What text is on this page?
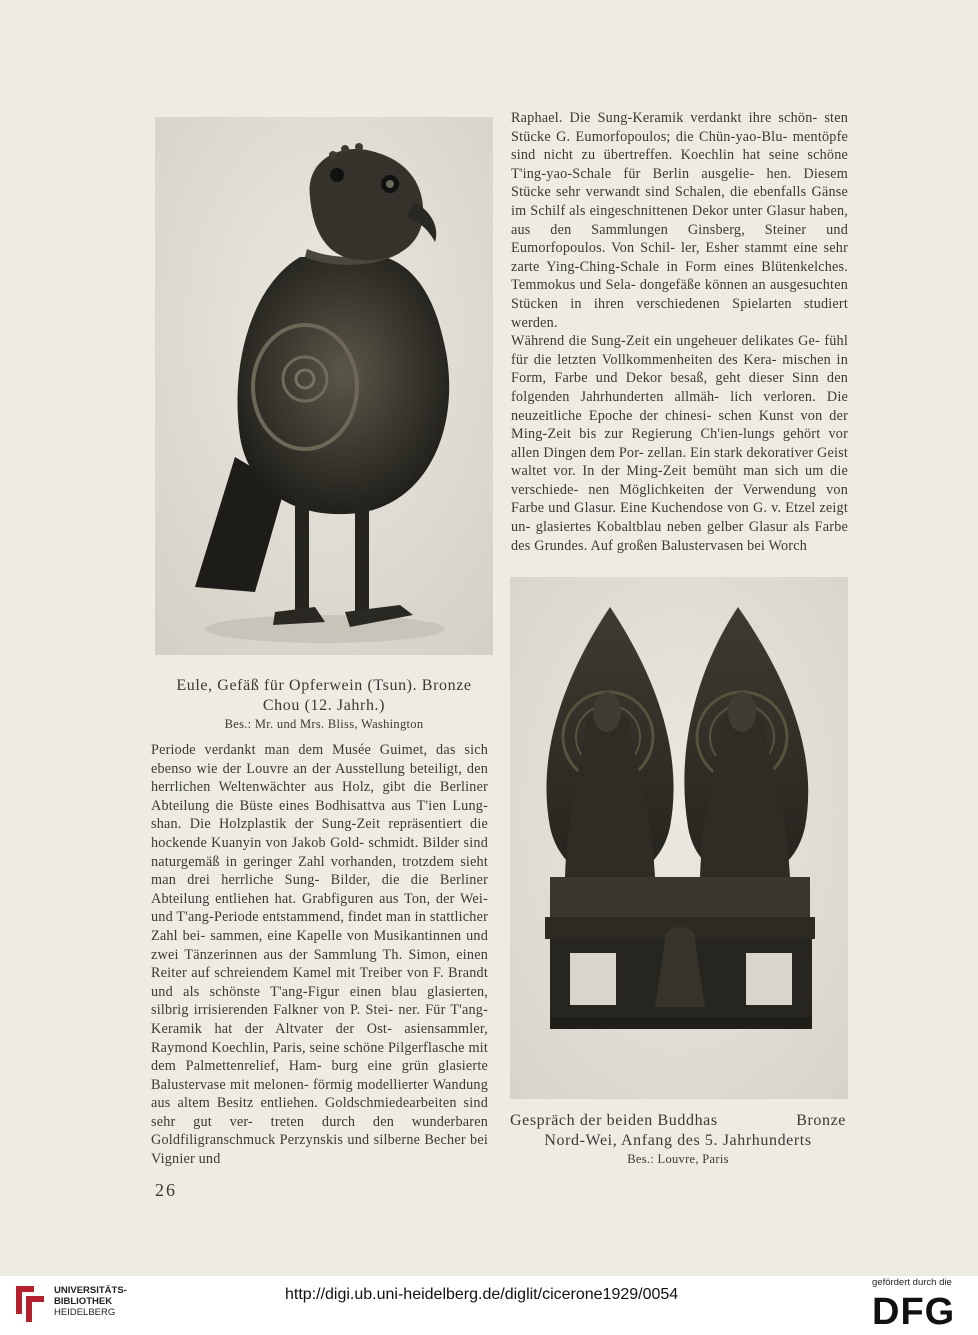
Eule, Gefäß für Opferwein (Tsun). Bronze
Chou (12. Jahrh.)
Bes.: Mr. und Mrs. Bliss, Washington

Raphael. Die Sung-Keramik verdankt ihre schön- sten Stücke G. Eumorfopoulos; die Chün-yao-Blu- mentöpfe sind nicht zu übertreffen. Koechlin hat seine schöne T'ing-yao-Schale für Berlin ausgelie- hen. Diesem Stücke sehr verwandt sind Schalen, die ebenfalls Gänse im Schilf als eingeschnittenen Dekor unter Glasur haben, aus den Sammlungen Ginsberg, Steiner und Eumorfopoulos. Von Schil- ler, Esher stammt eine sehr zarte Ying-Ching-Schale in Form eines Blütenkelches. Temmokus und Sela- dongefäße können an ausgesuchten Stücken in ihren verschiedenen Spielarten studiert werden.

Während die Sung-Zeit ein ungeheuer delikates Ge- fühl für die letzten Vollkommenheiten des Kera- mischen in Form, Farbe und Dekor besaß, geht dieser Sinn den folgenden Jahrhunderten allmäh- lich verloren. Die neuzeitliche Epoche der chinesi- schen Kunst von der Ming-Zeit bis zur Regierung Ch'ien-lungs gehört vor allen Dingen dem Por- zellan. Ein stark dekorativer Geist waltet vor. In der Ming-Zeit bemüht man sich um die verschiede- nen Möglichkeiten der Verwendung von Farbe und Glasur. Eine Kuchendose von G. v. Etzel zeigt un- glasiertes Kobaltblau neben gelber Glasur als Farbe des Grundes. Auf großen Balustervasen bei Worch

Gespräch der beiden Buddhas	Bronze
Nord-Wei, Anfang des 5. Jahrhunderts
Bes.: Louvre, Paris

Periode verdankt man dem Musée Guimet, das sich ebenso wie der Louvre an der Ausstellung beteiligt, den herrlichen Weltenwächter aus Holz, gibt die Berliner Abteilung die Büste eines Bodhisattva aus T'ien Lung-shan. Die Holzplastik der Sung-Zeit repräsentiert die hockende Kuanyin von Jakob Gold- schmidt. Bilder sind naturgemäß in geringer Zahl vorhanden, trotzdem sieht man drei herrliche Sung- Bilder, die die Berliner Abteilung entliehen hat. Grabfiguren aus Ton, der Wei- und T'ang-Periode entstammend, findet man in stattlicher Zahl bei- sammen, eine Kapelle von Musikantinnen und zwei Tänzerinnen aus der Sammlung Th. Simon, einen Reiter auf schreiendem Kamel mit Treiber von F. Brandt und als schönste T'ang-Figur einen blau glasierten, silbrig irrisierenden Falkner von P. Stei- ner. Für T'ang-Keramik hat der Altvater der Ost- asiensammler, Raymond Koechlin, Paris, seine schöne Pilgerflasche mit dem Palmettenrelief, Ham- burg eine grün glasierte Balustervase mit melonen- förmig modellierter Wandung aus altem Besitz entliehen. Goldschmiedearbeiten sind sehr gut ver- treten durch den wunderbaren Goldfiligranschmuck Perzynskis und silberne Becher bei Vignier und

26
UNIVERSITÄTS-
BIBLIOTHEK
HEIDELBERG
http://digi.ub.uni-heidelberg.de/diglit/cicerone1929/0054
gefördert durch die
DFG
